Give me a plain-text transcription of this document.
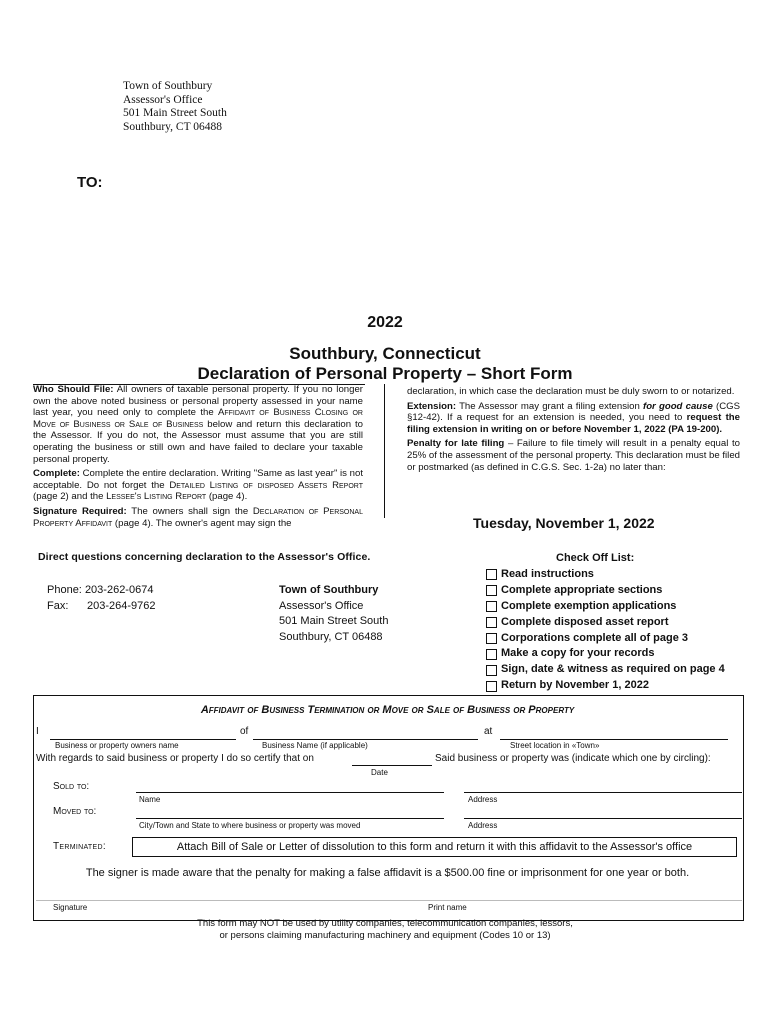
Town of Southbury
Assessor's Office
501 Main Street South
Southbury, CT 06488
TO:
2022
Southbury, Connecticut
Declaration of Personal Property – Short Form

Who Should File: All owners of taxable personal property. If you no longer own the above noted business or personal property assessed in your name last year, you need only to complete the Affidavit of Business Closing or Move of Business or Sale of Business below and return this declaration to the Assessor. If you do not, the Assessor must assume that you are still operating the business or still own and have failed to declare your taxable personal property.

Complete: Complete the entire declaration. Writing "Same as last year" is not acceptable. Do not forget the Detailed Listing of disposed Assets Report (page 2) and the Lessee's Listing Report (page 4).

Signature Required: The owners shall sign the Declaration of Personal Property Affidavit (page 4). The owner's agent may sign the

declaration, in which case the declaration must be duly sworn to or notarized.

Extension: The Assessor may grant a filing extension for good cause (CGS §12-42). If a request for an extension is needed, you need to request the filing extension in writing on or before November 1, 2022 (PA 19-200).

Penalty for late filing – Failure to file timely will result in a penalty equal to 25% of the assessment of the personal property. This declaration must be filed or postmarked (as defined in C.G.S. Sec. 1-2a) no later than:

Tuesday, November 1, 2022
Direct questions concerning declaration to the Assessor's Office.
Phone: 203-262-0674
Fax: 203-264-9762
Town of Southbury
Assessor's Office
501 Main Street South
Southbury, CT 06488
Check Off List:
Read instructions
Complete appropriate sections
Complete exemption applications
Complete disposed asset report
Corporations complete all of page 3
Make a copy for your records
Sign, date & witness as required on page 4
Return by November 1, 2022
Affidavit of Business Termination or Move or Sale of Business or Property
I	of	at
Business or property owners name	Business Name (if applicable)	Street location in «Town»
With regards to said business or property I do so certify that on	Said business or property was (indicate which one by circling):
Date
Sold to:
Name	Address
Moved to:
City/Town and State to where business or property was moved	Address
Terminated:	Attach Bill of Sale or Letter of dissolution to this form and return it with this affidavit to the Assessor's office
The signer is made aware that the penalty for making a false affidavit is a $500.00 fine or imprisonment for one year or both.
Signature	Print name
This form may NOT be used by utility companies, telecommunication companies, lessors,
or persons claiming manufacturing machinery and equipment (Codes 10 or 13)
